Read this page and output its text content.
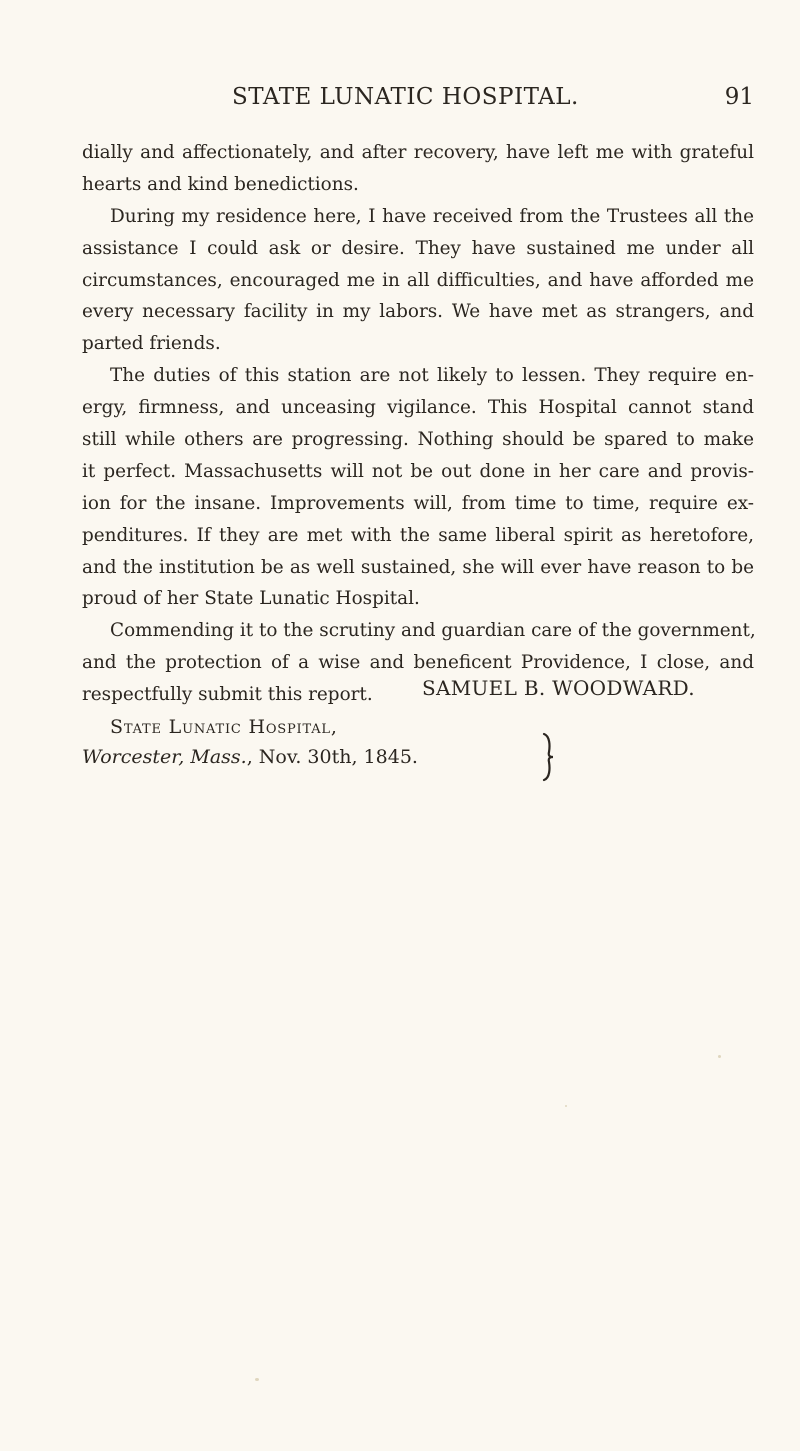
STATE LUNATIC HOSPITAL.	91
dially and affectionately, and after recovery, have left me with grateful
hearts and kind benedictions.
During my residence here, I have received from the Trustees all the
assistance I could ask or desire. They have sustained me under all
circumstances, encouraged me in all difficulties, and have afforded me
every necessary facility in my labors. We have met as strangers, and
parted friends.
The duties of this station are not likely to lessen. They require en-
ergy, firmness, and unceasing vigilance. This Hospital cannot stand
still while others are progressing. Nothing should be spared to make
it perfect. Massachusetts will not be out done in her care and provis-
ion for the insane. Improvements will, from time to time, require ex-
penditures. If they are met with the same liberal spirit as heretofore,
and the institution be as well sustained, she will ever have reason to be
proud of her State Lunatic Hospital.
Commending it to the scrutiny and guardian care of the government,
and the protection of a wise and beneficent Providence, I close, and
respectfully submit this report.	SAMUEL B. WOODWARD.
State Lunatic Hospital,
Worcester, Mass., Nov. 30th, 1845.
